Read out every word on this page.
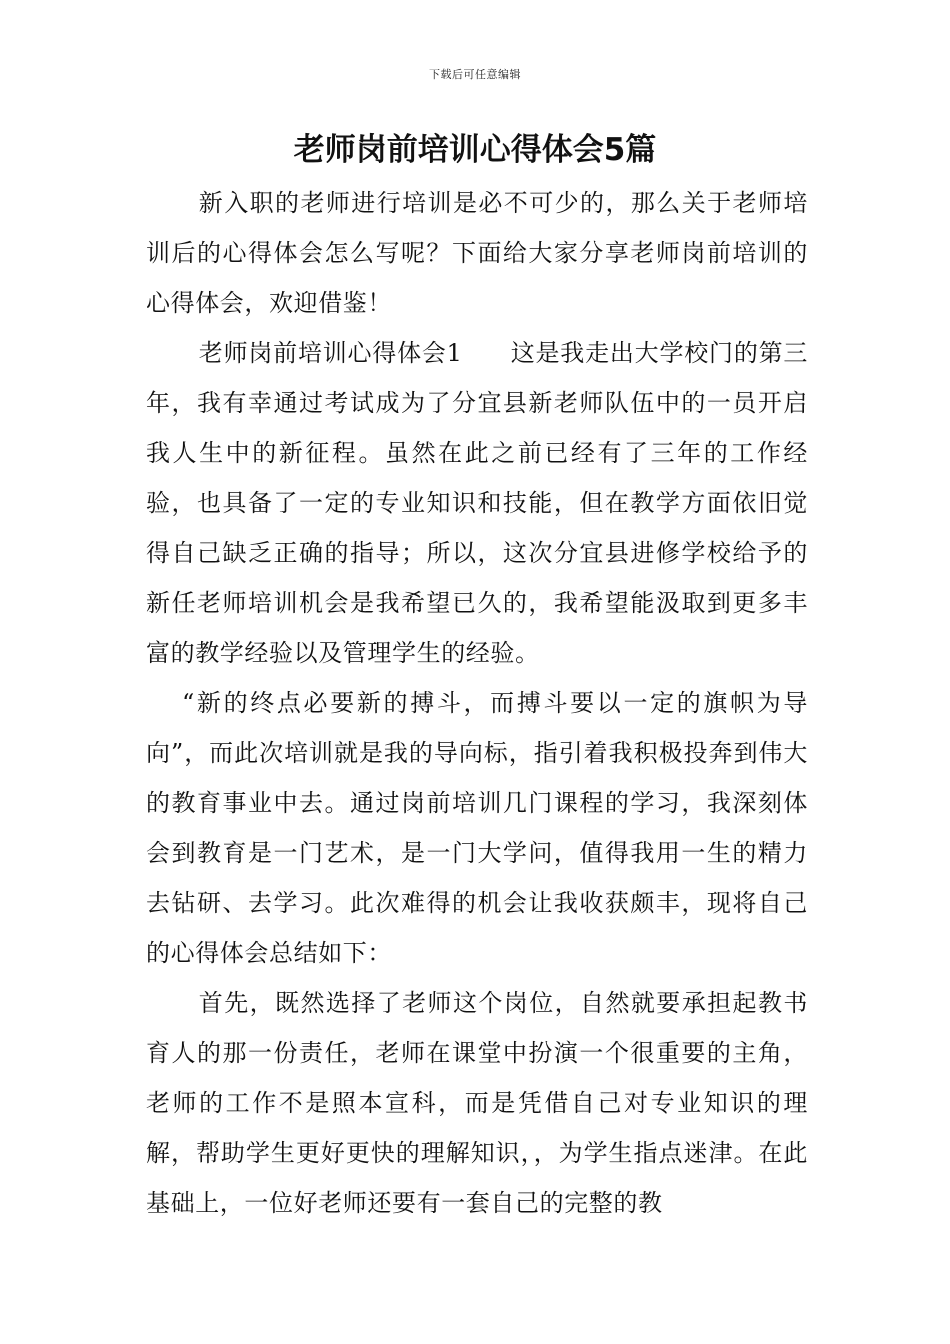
下载后可任意编辑
老师岗前培训心得体会5篇

新入职的老师进行培训是必不可少的，那么关于老师培训后的心得体会怎么写呢？下面给大家分享老师岗前培训的心得体会，欢迎借鉴！

老师岗前培训心得体会1 这是我走出大学校门的第三年，我有幸通过考试成为了分宜县新老师队伍中的一员开启我人生中的新征程。虽然在此之前已经有了三年的工作经验，也具备了一定的专业知识和技能，但在教学方面依旧觉得自己缺乏正确的指导；所以，这次分宜县进修学校给予的新任老师培训机会是我希望已久的，我希望能汲取到更多丰富的教学经验以及管理学生的经验。

“新的终点必要新的搏斗，而搏斗要以一定的旗帜为导向”，而此次培训就是我的导向标，指引着我积极投奔到伟大的教育事业中去。通过岗前培训几门课程的学习，我深刻体会到教育是一门艺术，是一门大学问，值得我用一生的精力去钻研、去学习。此次难得的机会让我收获颇丰，现将自己的心得体会总结如下：

首先，既然选择了老师这个岗位，自然就要承担起教书育人的那一份责任，老师在课堂中扮演一个很重要的主角，老师的工作不是照本宣科，而是凭借自己对专业知识的理解，帮助学生更好更快的理解知识，，为学生指点迷津。在此基础上，一位好老师还要有一套自己的完整的教
